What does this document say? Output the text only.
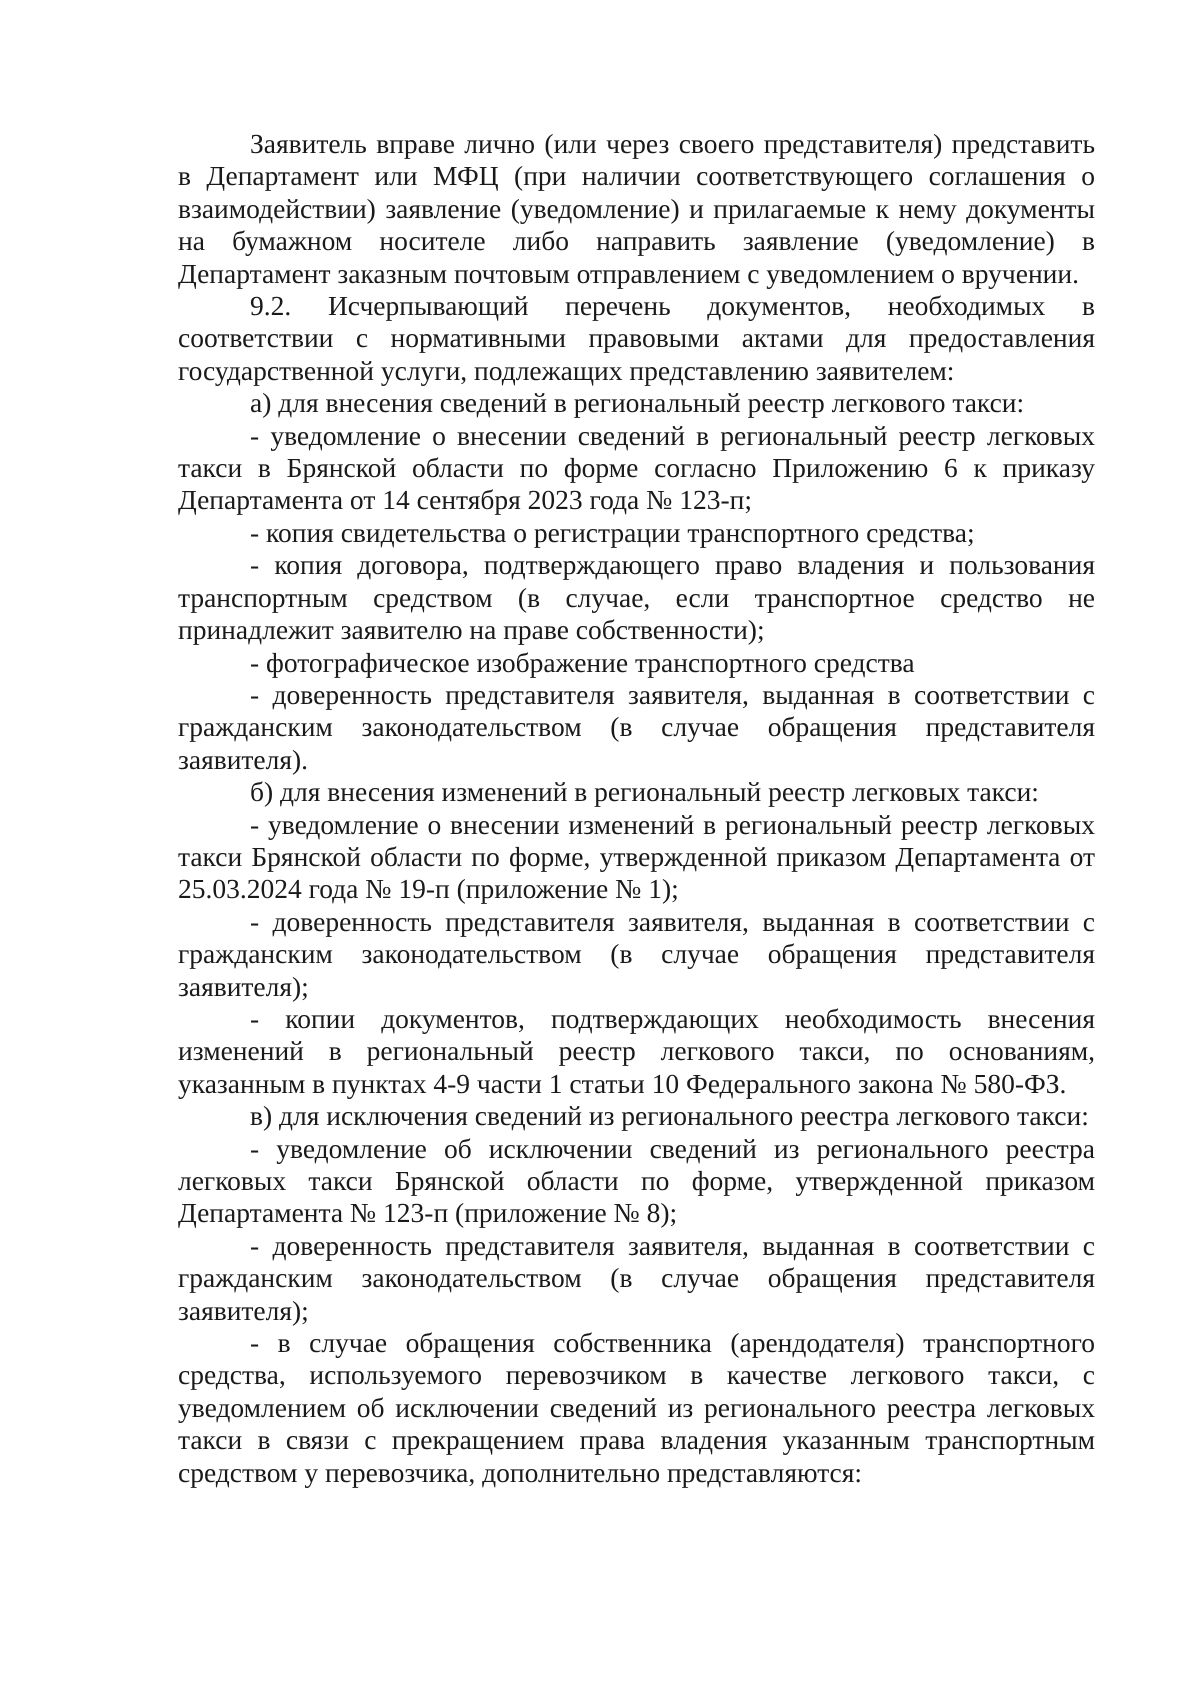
Заявитель вправе лично (или через своего представителя) представить в Департамент или МФЦ (при наличии соответствующего соглашения о взаимодействии) заявление (уведомление) и прилагаемые к нему документы на бумажном носителе либо направить заявление (уведомление) в Департамент заказным почтовым отправлением с уведомлением о вручении.

9.2. Исчерпывающий перечень документов, необходимых в соответствии с нормативными правовыми актами для предоставления государственной услуги, подлежащих представлению заявителем:

а) для внесения сведений в региональный реестр легкового такси:

- уведомление о внесении сведений в региональный реестр легковых такси в Брянской области по форме согласно Приложению 6 к приказу Департамента от 14 сентября 2023 года № 123-п;

- копия свидетельства о регистрации транспортного средства;

- копия договора, подтверждающего право владения и пользования транспортным средством (в случае, если транспортное средство не принадлежит заявителю на праве собственности);

- фотографическое изображение транспортного средства

- доверенность представителя заявителя, выданная в соответствии с гражданским законодательством (в случае обращения представителя заявителя).

б) для внесения изменений в региональный реестр легковых такси:

- уведомление о внесении изменений в региональный реестр легковых такси Брянской области по форме, утвержденной приказом Департамента от 25.03.2024 года № 19-п (приложение № 1);

- доверенность представителя заявителя, выданная в соответствии с гражданским законодательством (в случае обращения представителя заявителя);

- копии документов, подтверждающих необходимость внесения изменений в региональный реестр легкового такси, по основаниям, указанным в пунктах 4-9 части 1 статьи 10 Федерального закона № 580-ФЗ.

в) для исключения сведений из регионального реестра легкового такси:

- уведомление об исключении сведений из регионального реестра легковых такси Брянской области по форме, утвержденной приказом Департамента № 123-п (приложение № 8);

- доверенность представителя заявителя, выданная в соответствии с гражданским законодательством (в случае обращения представителя заявителя);

- в случае обращения собственника (арендодателя) транспортного средства, используемого перевозчиком в качестве легкового такси, с уведомлением об исключении сведений из регионального реестра легковых такси в связи с прекращением права владения указанным транспортным средством у перевозчика, дополнительно представляются:
